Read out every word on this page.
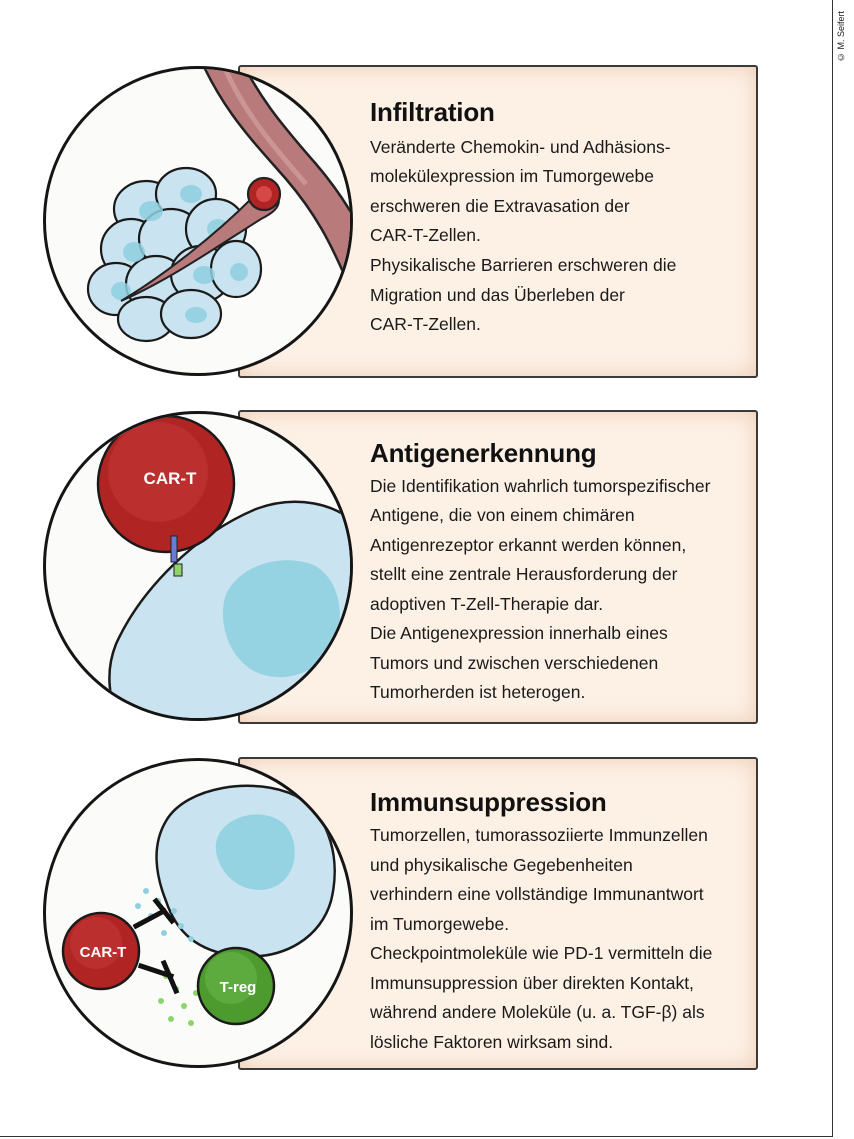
© M. Seifert
Infiltration
Veränderte Chemokin- und Adhäsions-
molekülexpression im Tumorgewebe
erschweren die Extravasation der
CAR-T-Zellen.
Physikalische Barrieren erschweren die
Migration und das Überleben der
CAR-T-Zellen.
Antigenerkennung
Die Identifikation wahrlich tumorspezifischer
Antigene, die von einem chimären
Antigenrezeptor erkannt werden können,
stellt eine zentrale Herausforderung der
adoptiven T-Zell-Therapie dar.
Die Antigenexpression innerhalb eines
Tumors und zwischen verschiedenen
Tumorherden ist heterogen.
CAR-T
Immunsuppression
Tumorzellen, tumorassoziierte Immunzellen
und physikalische Gegebenheiten
verhindern eine vollständige Immunantwort
im Tumorgewebe.
Checkpointmoleküle wie PD-1 vermitteln die
Immunsuppression über direkten Kontakt,
während andere Moleküle (u. a. TGF-β) als
lösliche Faktoren wirksam sind.
CAR-T
T-reg
